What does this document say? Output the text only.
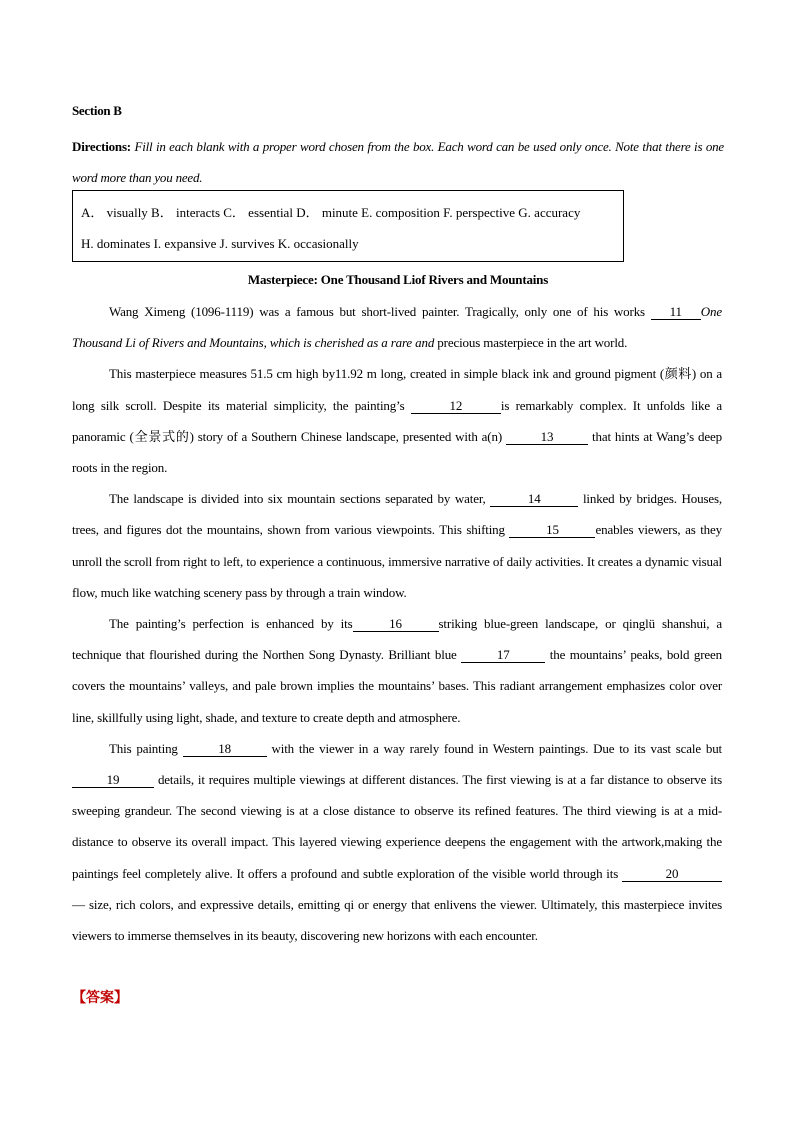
Section B
Directions: Fill in each blank with a proper word chosen from the box. Each word can be used only once. Note that there is one word more than you need.
A． visually B． interacts C． essential D． minute E. composition F. perspective G. accuracy
H. dominates I. expansive J. survives K. occasionally
Masterpiece: One Thousand Liof Rivers and Mountains

Wang Ximeng (1096-1119) was a famous but short-lived painter. Tragically, only one of his works 11 One Thousand Li of Rivers and Mountains, which is cherished as a rare and precious masterpiece in the art world.

This masterpiece measures 51.5 cm high by11.92 m long, created in simple black ink and ground pigment (颜料) on a long silk scroll. Despite its material simplicity, the painting’s	12	is remarkably complex. It unfolds like a panoramic (全景式的) story of a Southern Chinese landscape, presented with a(n)	13	that hints at Wang’s deep roots in the region.

The landscape is divided into six mountain sections separated by water,	14	linked by bridges. Houses, trees, and figures dot the mountains, shown from various viewpoints. This shifting	15	enables viewers, as they unroll the scroll from right to left, to experience a continuous, immersive narrative of daily activities. It creates a dynamic visual flow, much like watching scenery pass by through a train window.

The painting’s perfection is enhanced by its	16	striking blue-green landscape, or qinglü shanshui, a technique that flourished during the Northen Song Dynasty. Brilliant blue	17	the mountains’ peaks, bold green covers the mountains’ valleys, and pale brown implies the mountains’ bases. This radiant arrangement emphasizes color over line, skillfully using light, shade, and texture to create depth and atmosphere.

This painting	18	with the viewer in a way rarely found in Western paintings. Due to its vast scale but 19	details, it requires multiple viewings at different distances. The first viewing is at a far distance to observe its sweeping grandeur. The second viewing is at a close distance to observe its refined features. The third viewing is at a mid-distance to observe its overall impact. This layered viewing experience deepens the engagement with the artwork,making the paintings feel completely alive. It offers a profound and subtle exploration of the visible world through its	20 — size, rich colors, and expressive details, emitting qi or energy that enlivens the viewer. Ultimately, this masterpiece invites viewers to immerse themselves in its beauty, discovering new horizons with each encounter.

【答案】
